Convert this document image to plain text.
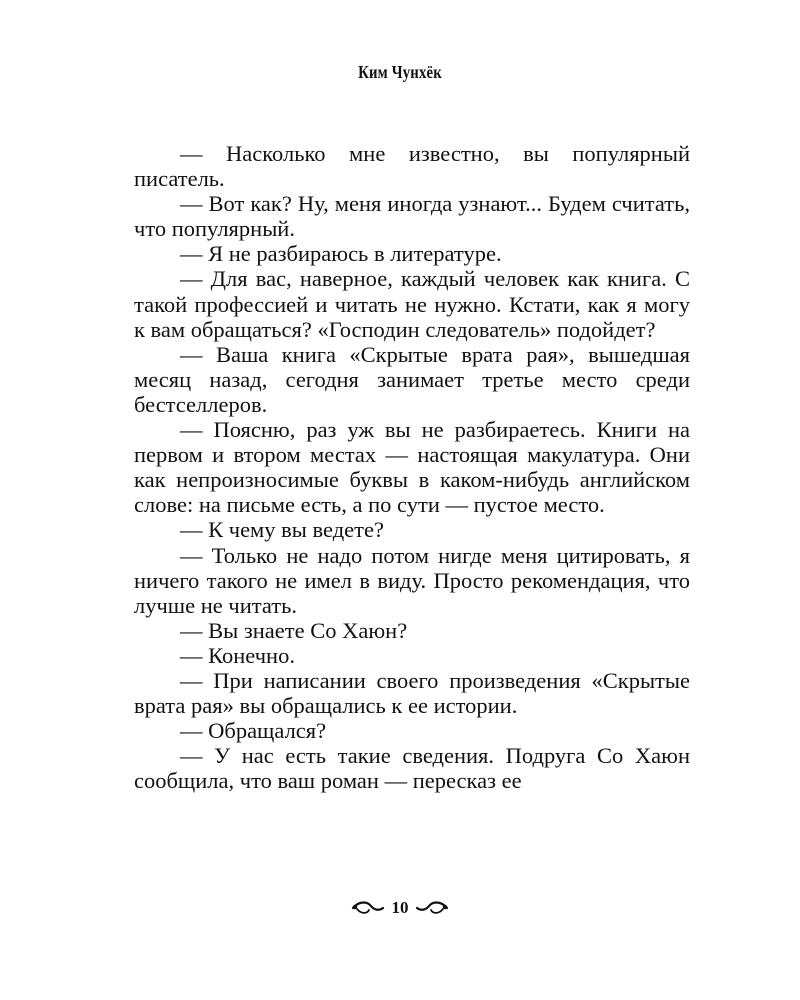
Ким Чунхёк

— Насколько мне известно, вы популярный писатель.

— Вот как? Ну, меня иногда узнают... Будем считать, что популярный.

— Я не разбираюсь в литературе.

— Для вас, наверное, каждый человек как книга. С такой профессией и читать не нужно. Кстати, как я могу к вам обращаться? «Господин следователь» подойдет?

— Ваша книга «Скрытые врата рая», вышедшая месяц назад, сегодня занимает третье место среди бестселлеров.

— Поясню, раз уж вы не разбираетесь. Книги на первом и втором местах — настоящая макулатура. Они как непроизносимые буквы в каком-нибудь английском слове: на письме есть, а по сути — пустое место.

— К чему вы ведете?

— Только не надо потом нигде меня цитировать, я ничего такого не имел в виду. Просто рекомендация, что лучше не читать.

— Вы знаете Со Хаюн?

— Конечно.

— При написании своего произведения «Скрытые врата рая» вы обращались к ее истории.

— Обращался?

— У нас есть такие сведения. Подруга Со Хаюн сообщила, что ваш роман — пересказ ее

10
